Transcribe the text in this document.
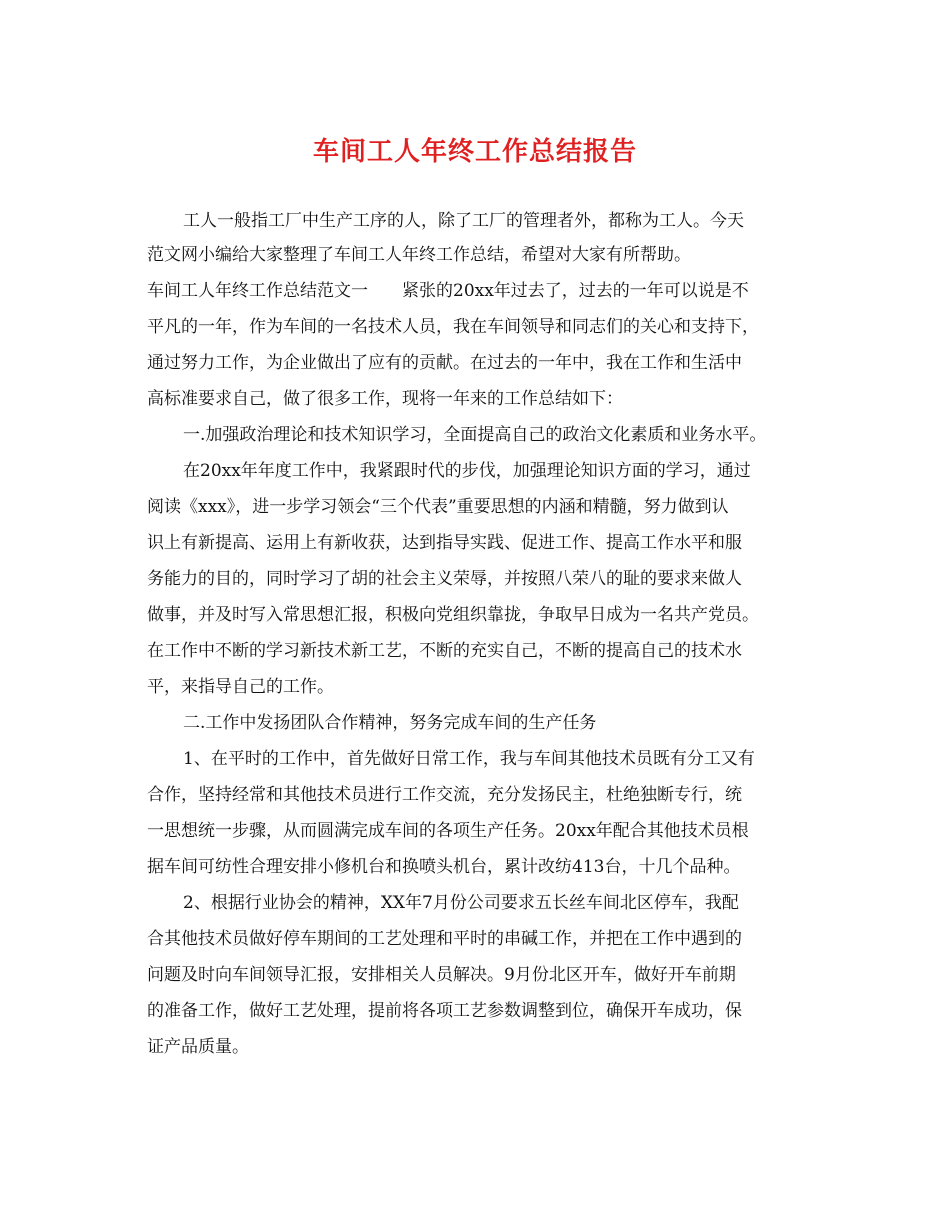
车间工人年终工作总结报告
工人一般指工厂中生产工序的人，除了工厂的管理者外，都称为工人。今天
范文网小编给大家整理了车间工人年终工作总结，希望对大家有所帮助。
车间工人年终工作总结范文一　　紧张的20xx年过去了，过去的一年可以说是不
平凡的一年，作为车间的一名技术人员，我在车间领导和同志们的关心和支持下，
通过努力工作，为企业做出了应有的贡献。在过去的一年中，我在工作和生活中
高标准要求自己，做了很多工作，现将一年来的工作总结如下：
一.加强政治理论和技术知识学习，全面提高自己的政治文化素质和业务水平。
在20xx年年度工作中，我紧跟时代的步伐，加强理论知识方面的学习，通过
阅读《xxx》，进一步学习领会“三个代表”重要思想的内涵和精髓，努力做到认
识上有新提高、运用上有新收获，达到指导实践、促进工作、提高工作水平和服
务能力的目的，同时学习了胡的社会主义荣辱，并按照八荣八的耻的要求来做人
做事，并及时写入常思想汇报，积极向党组织靠拢，争取早日成为一名共产党员。
在工作中不断的学习新技术新工艺，不断的充实自己，不断的提高自己的技术水
平，来指导自己的工作。
二.工作中发扬团队合作精神，努务完成车间的生产任务
1、在平时的工作中，首先做好日常工作，我与车间其他技术员既有分工又有
合作，坚持经常和其他技术员进行工作交流，充分发扬民主，杜绝独断专行，统
一思想统一步骤，从而圆满完成车间的各项生产任务。20xx年配合其他技术员根
据车间可纺性合理安排小修机台和换喷头机台，累计改纺413台，十几个品种。
2、根据行业协会的精神，XX年7月份公司要求五长丝车间北区停车，我配
合其他技术员做好停车期间的工艺处理和平时的串碱工作，并把在工作中遇到的
问题及时向车间领导汇报，安排相关人员解决。9月份北区开车，做好开车前期
的准备工作，做好工艺处理，提前将各项工艺参数调整到位，确保开车成功，保
证产品质量。
